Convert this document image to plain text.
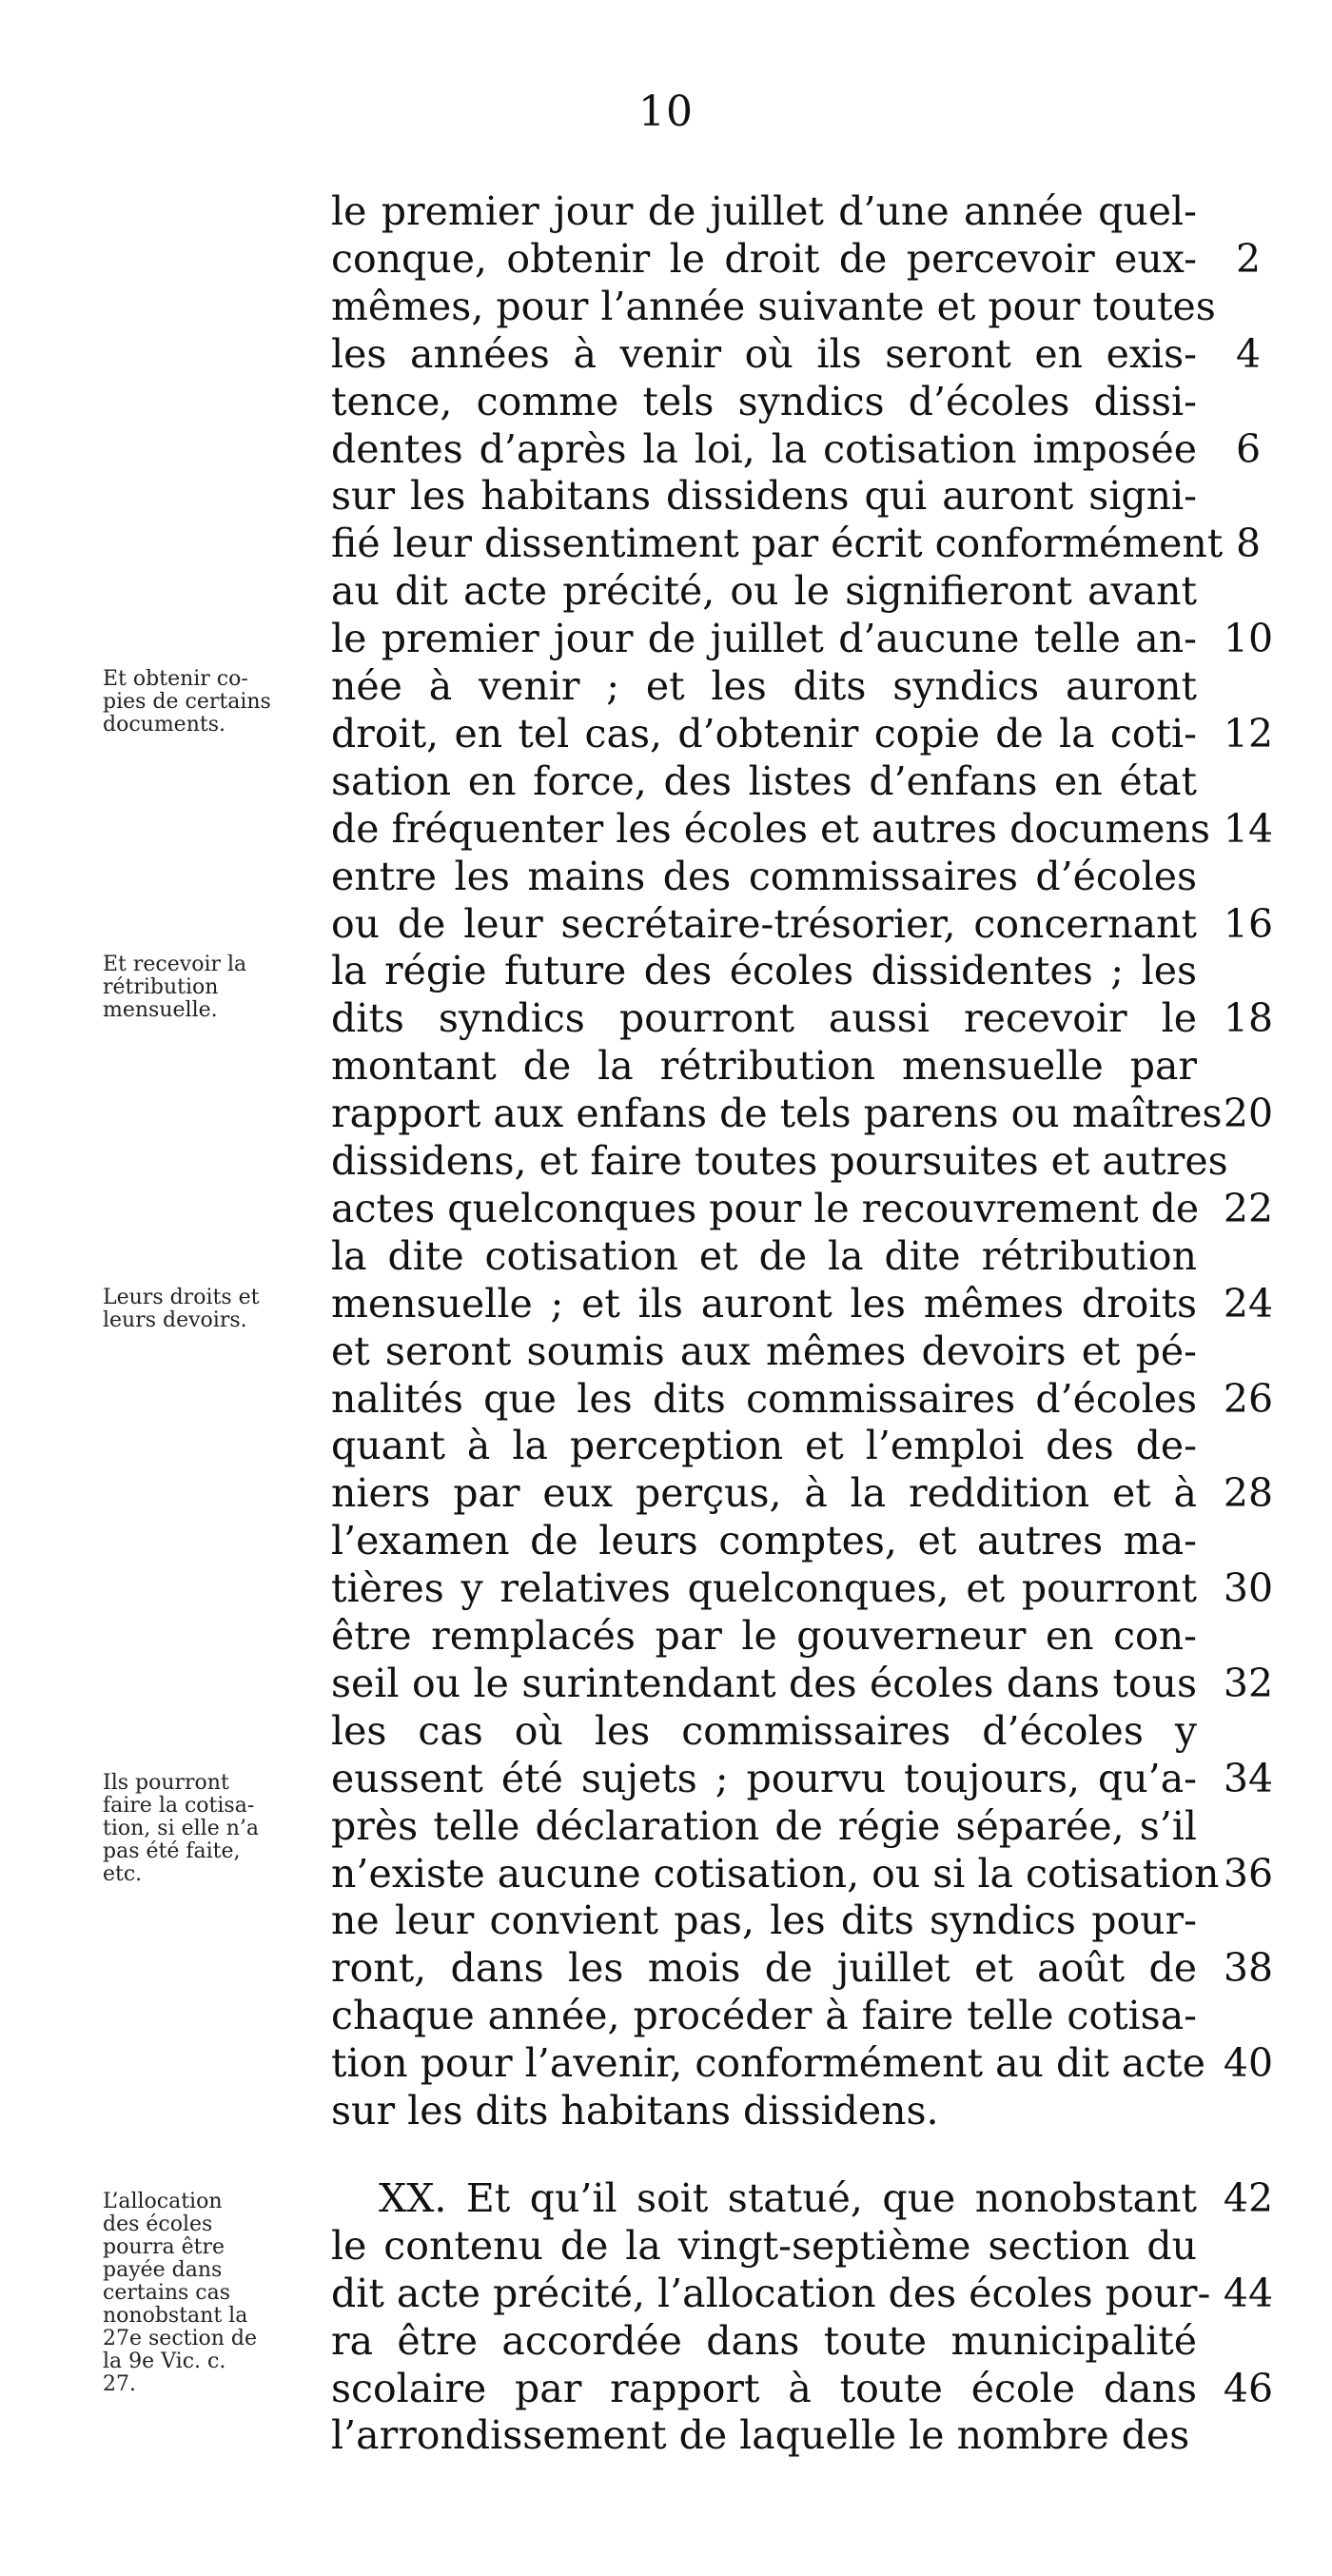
10
le premier jour de juillet d’une année quel-
conque, obtenir le droit de percevoir eux-
mêmes, pour l’année suivante et pour toutes
les années à venir où ils seront en exis-
tence, comme tels syndics d’écoles dissi-
dentes d’après la loi, la cotisation imposée
sur les habitans dissidens qui auront signi-
fié leur dissentiment par écrit conformément
au dit acte précité, ou le signifieront avant
le premier jour de juillet d’aucune telle an-
née à venir ; et les dits syndics auront
droit, en tel cas, d’obtenir copie de la coti-
sation en force, des listes d’enfans en état
de fréquenter les écoles et autres documens
entre les mains des commissaires d’écoles
ou de leur secrétaire-trésorier, concernant
la régie future des écoles dissidentes ; les
dits syndics pourront aussi recevoir le
montant de la rétribution mensuelle par
rapport aux enfans de tels parens ou maîtres
dissidens, et faire toutes poursuites et autres
actes quelconques pour le recouvrement de
la dite cotisation et de la dite rétribution
mensuelle ; et ils auront les mêmes droits
et seront soumis aux mêmes devoirs et pé-
nalités que les dits commissaires d’écoles
quant à la perception et l’emploi des de-
niers par eux perçus, à la reddition et à
l’examen de leurs comptes, et autres ma-
tières y relatives quelconques, et pourront
être remplacés par le gouverneur en con-
seil ou le surintendant des écoles dans tous
les cas où les commissaires d’écoles y
eussent été sujets ; pourvu toujours, qu’a-
près telle déclaration de régie séparée, s’il
n’existe aucune cotisation, ou si la cotisation
ne leur convient pas, les dits syndics pour-
ront, dans les mois de juillet et août de
chaque année, procéder à faire telle cotisa-
tion pour l’avenir, conformément au dit acte
sur les dits habitans dissidens.
XX. Et qu’il soit statué, que nonobstant
le contenu de la vingt-septième section du
dit acte précité, l’allocation des écoles pour-
ra être accordée dans toute municipalité
scolaire par rapport à toute école dans
l’arrondissement de laquelle le nombre des
2
4
6
8
10
12
14
16
18
20
22
24
26
28
30
32
34
36
38
40
42
44
46
Et obtenir co-
pies de certains
documents.
Et recevoir la
rétribution
mensuelle.
Leurs droits et
leurs devoirs.
Ils pourront
faire la cotisa-
tion, si elle n’a
pas été faite,
etc.
L’allocation
des écoles
pourra être
payée dans
certains cas
nonobstant la
27e section de
la 9e Vic. c.
27.
